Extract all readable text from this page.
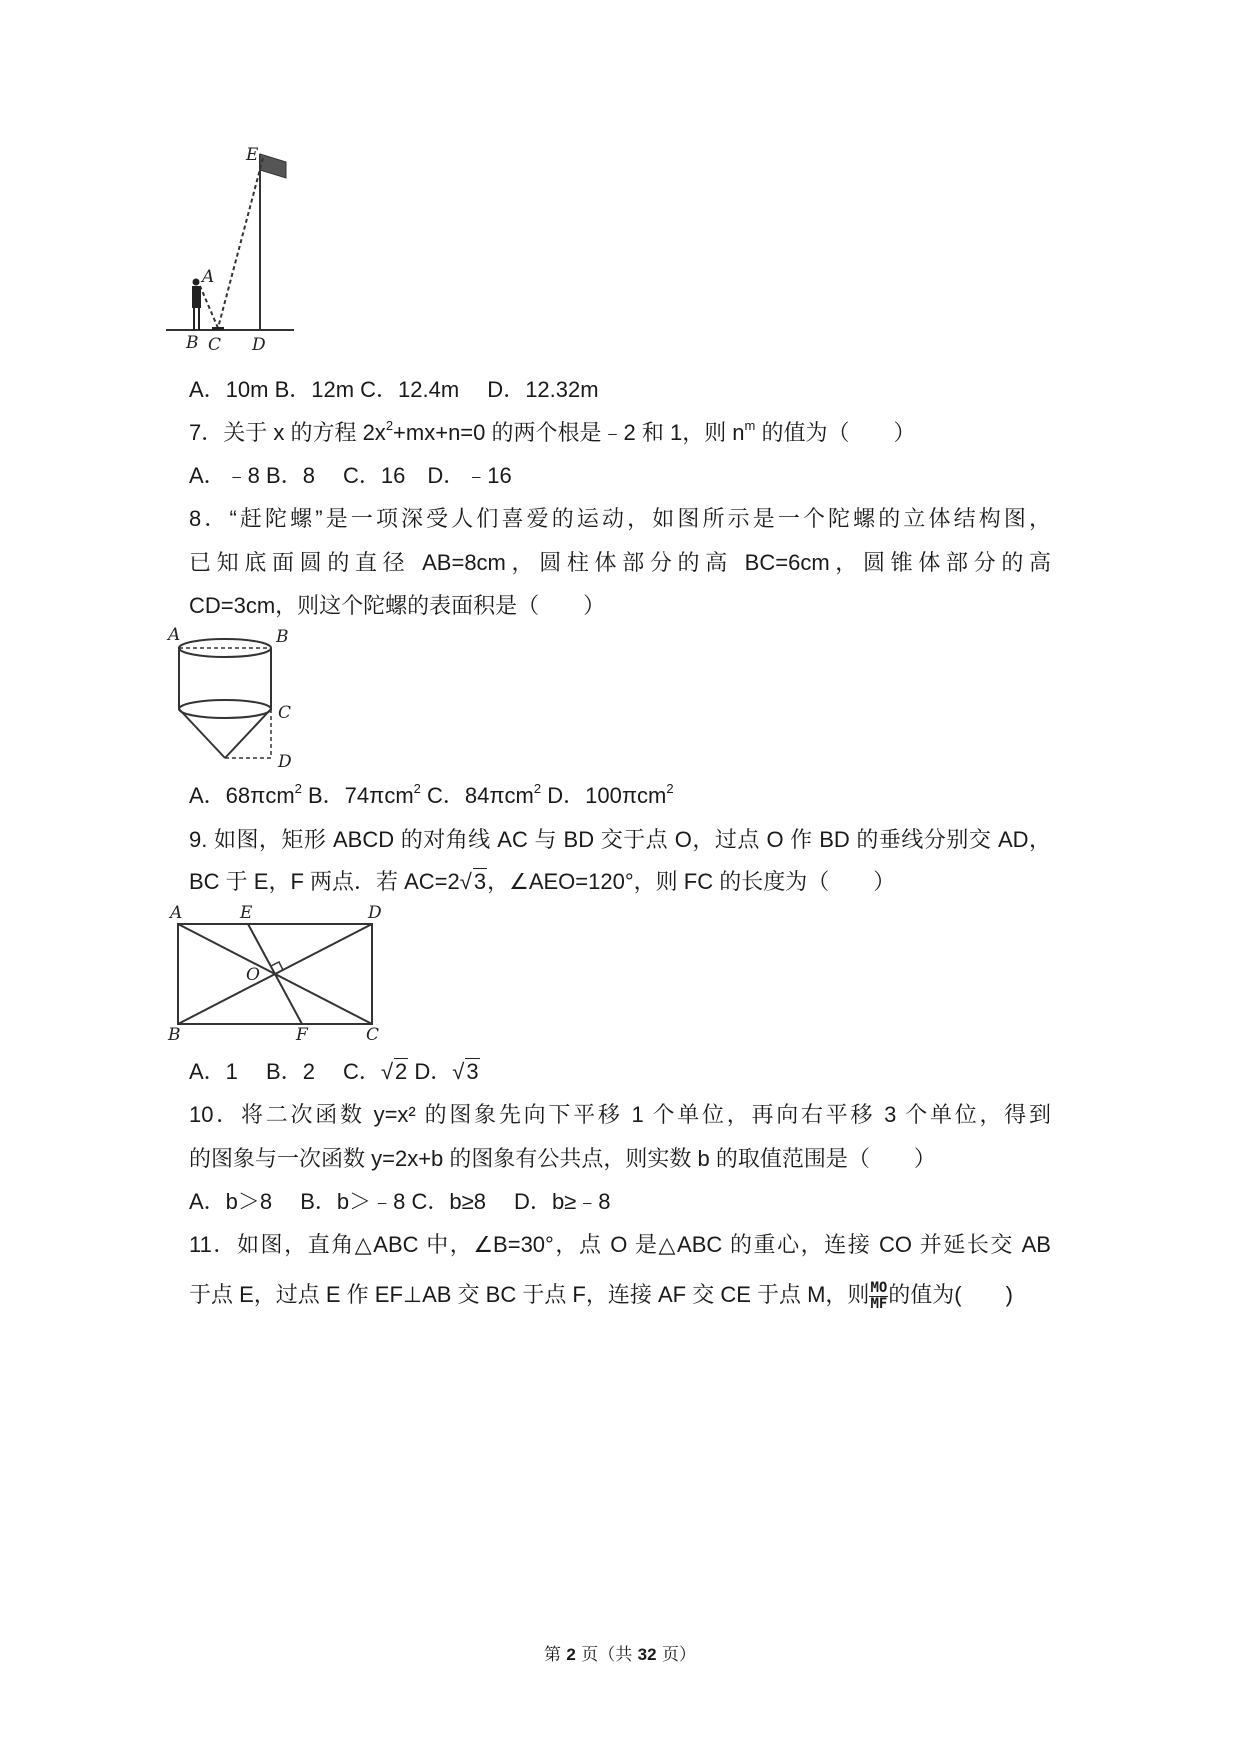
E
A
B C D
A．10m B．12m C．12.4m　 D．12.32m
7．关于 x 的方程 $2x^2+mx+n=0$ 的两个根是﹣2 和 1，则 $n^m$ 的值为（　　）
A．﹣8 B．8　 C．16　D．﹣16
8．“赶陀螺”是一项深受人们喜爱的运动，如图所示是一个陀螺的立体结构图，
已知底面圆的直径 AB=8cm，圆柱体部分的高 BC=6cm，圆锥体部分的高
CD=3cm，则这个陀螺的表面积是（　　）
A	B
C
D
A．68πcm$^2$ B．74πcm$^2$ C．84πcm$^2$ D．100πcm$^2$
9. 如图，矩形 ABCD 的对角线 AC 与 BD 交于点 O，过点 O 作 BD 的垂线分别交 AD，
BC 于 E，F 两点．若 AC=2√3，∠AEO=120°，则 FC 的长度为（　　）
A	E	D
O
B	F	C
A．1　 B．2　 C．√2 D．√3
10．将二次函数 y=x² 的图象先向下平移 1 个单位，再向右平移 3 个单位，得到
的图象与一次函数 y=2x+b 的图象有公共点，则实数 b 的取值范围是（　　）
A．b＞8　 B．b＞﹣8 C．b≥8　 D．b≥﹣8
11．如图，直角△ABC 中，∠B=30°，点 O 是△ABC 的重心，连接 CO 并延长交 AB
于点 E，过点 E 作 EF⊥AB 交 BC 于点 F，连接 AF 交 CE 于点 M，则 $\frac{MO}{MF}$ 的值为(　　)
第 2 页（共 32 页）
